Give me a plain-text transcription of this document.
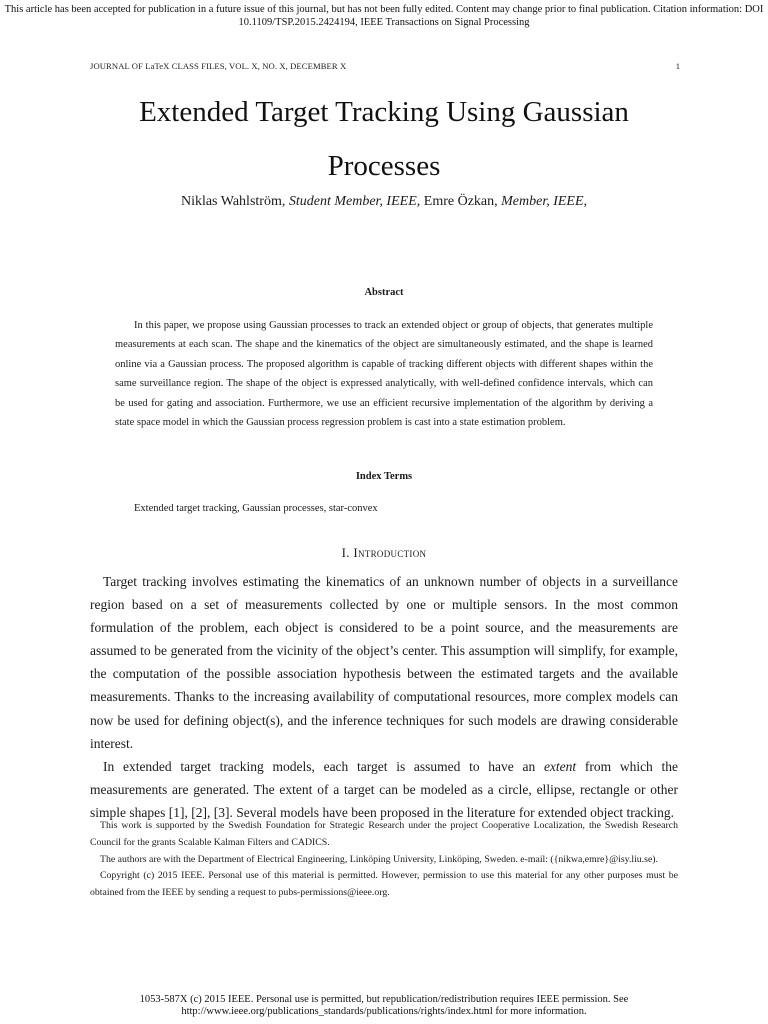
This article has been accepted for publication in a future issue of this journal, but has not been fully edited. Content may change prior to final publication. Citation information: DOI
10.1109/TSP.2015.2424194, IEEE Transactions on Signal Processing
JOURNAL OF LaTeX CLASS FILES, VOL. X, NO. X, DECEMBER X	1
Extended Target Tracking Using Gaussian Processes
Niklas Wahlström, Student Member, IEEE, Emre Özkan, Member, IEEE,
Abstract

In this paper, we propose using Gaussian processes to track an extended object or group of objects, that generates multiple measurements at each scan. The shape and the kinematics of the object are simultaneously estimated, and the shape is learned online via a Gaussian process. The proposed algorithm is capable of tracking different objects with different shapes within the same surveillance region. The shape of the object is expressed analytically, with well-defined confidence intervals, which can be used for gating and association. Furthermore, we use an efficient recursive implementation of the algorithm by deriving a state space model in which the Gaussian process regression problem is cast into a state estimation problem.

Index Terms
Extended target tracking, Gaussian processes, star-convex
I. Introduction

Target tracking involves estimating the kinematics of an unknown number of objects in a surveillance region based on a set of measurements collected by one or multiple sensors. In the most common formulation of the problem, each object is considered to be a point source, and the measurements are assumed to be generated from the vicinity of the object’s center. This assumption will simplify, for example, the computation of the possible association hypothesis between the estimated targets and the available measurements. Thanks to the increasing availability of computational resources, more complex models can now be used for defining object(s), and the inference techniques for such models are drawing considerable interest.

In extended target tracking models, each target is assumed to have an extent from which the measurements are generated. The extent of a target can be modeled as a circle, ellipse, rectangle or other simple shapes [1], [2], [3]. Several models have been proposed in the literature for extended object tracking.

This work is supported by the Swedish Foundation for Strategic Research under the project Cooperative Localization, the Swedish Research Council for the grants Scalable Kalman Filters and CADICS.

The authors are with the Department of Electrical Engineering, Linköping University, Linköping, Sweden. e-mail: ({nikwa,emre}@isy.liu.se).

Copyright (c) 2015 IEEE. Personal use of this material is permitted. However, permission to use this material for any other purposes must be obtained from the IEEE by sending a request to pubs-permissions@ieee.org.

1053-587X (c) 2015 IEEE. Personal use is permitted, but republication/redistribution requires IEEE permission. See
http://www.ieee.org/publications_standards/publications/rights/index.html for more information.
